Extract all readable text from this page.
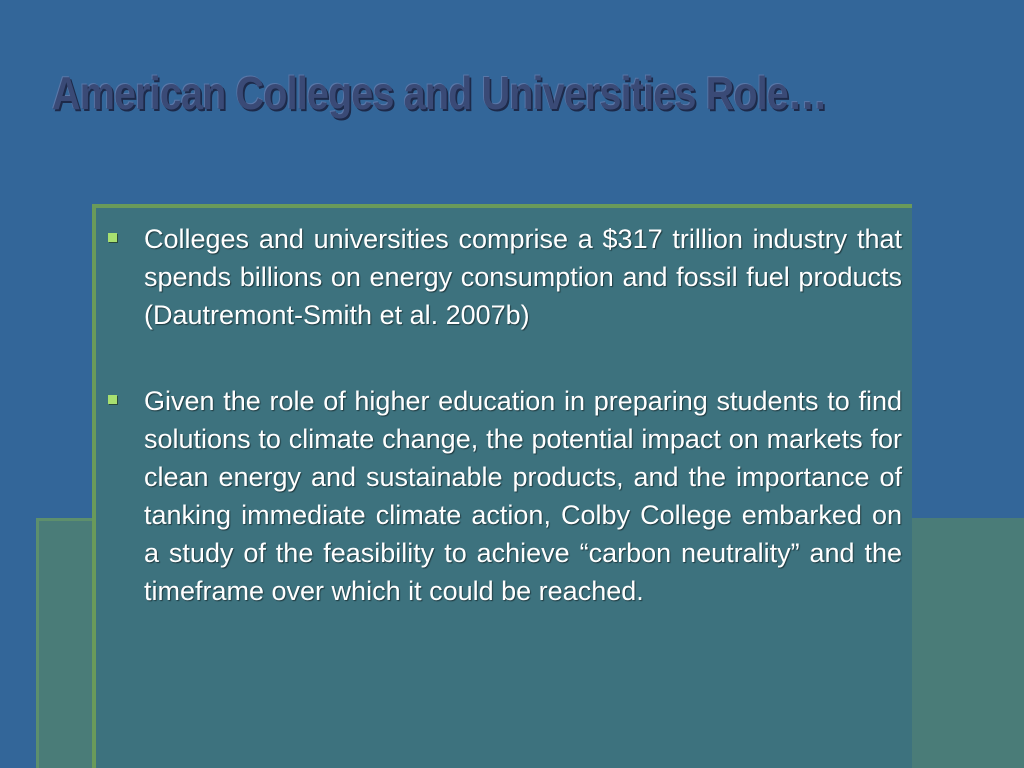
American Colleges and Universities Role…
Colleges and universities comprise a $317 trillion industry that spends billions on energy consumption and fossil fuel products (Dautremont-Smith et al. 2007b)
Given the role of higher education in preparing students to find solutions to climate change, the potential impact on markets for clean energy and sustainable products, and the importance of tanking immediate climate action, Colby College embarked on a study of the feasibility to achieve “carbon neutrality” and the timeframe over which it could be reached.
